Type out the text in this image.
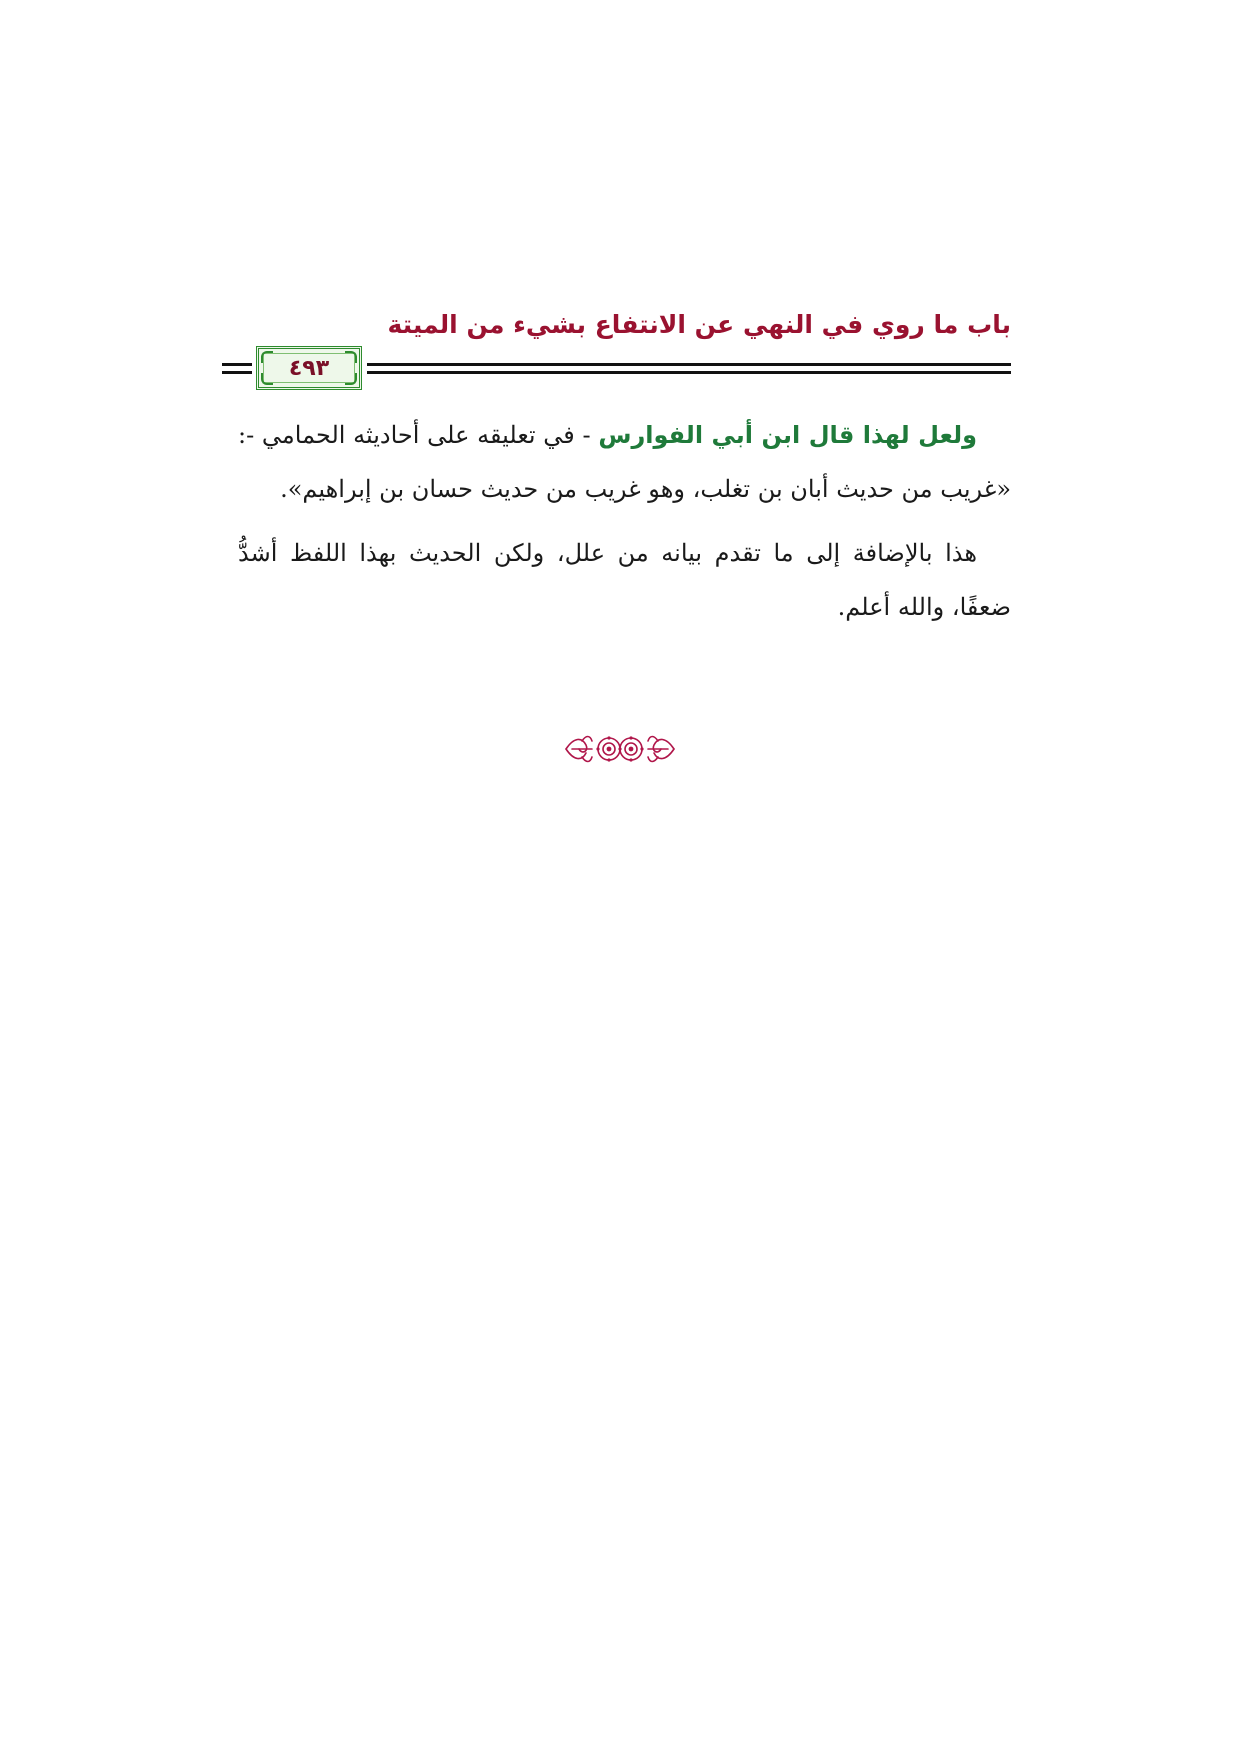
باب ما روي في النهي عن الانتفاع بشيء من الميتة
٤٩٣

ولعل لهذا قال ابن أبي الفوارس - في تعليقه على أحاديثه الحمامي -: «غريب من حديث أبان بن تغلب، وهو غريب من حديث حسان بن إبراهيم».

هذا بالإضافة إلى ما تقدم بيانه من علل، ولكن الحديث بهذا اللفظ أشدُّ ضعفًا، والله أعلم.
